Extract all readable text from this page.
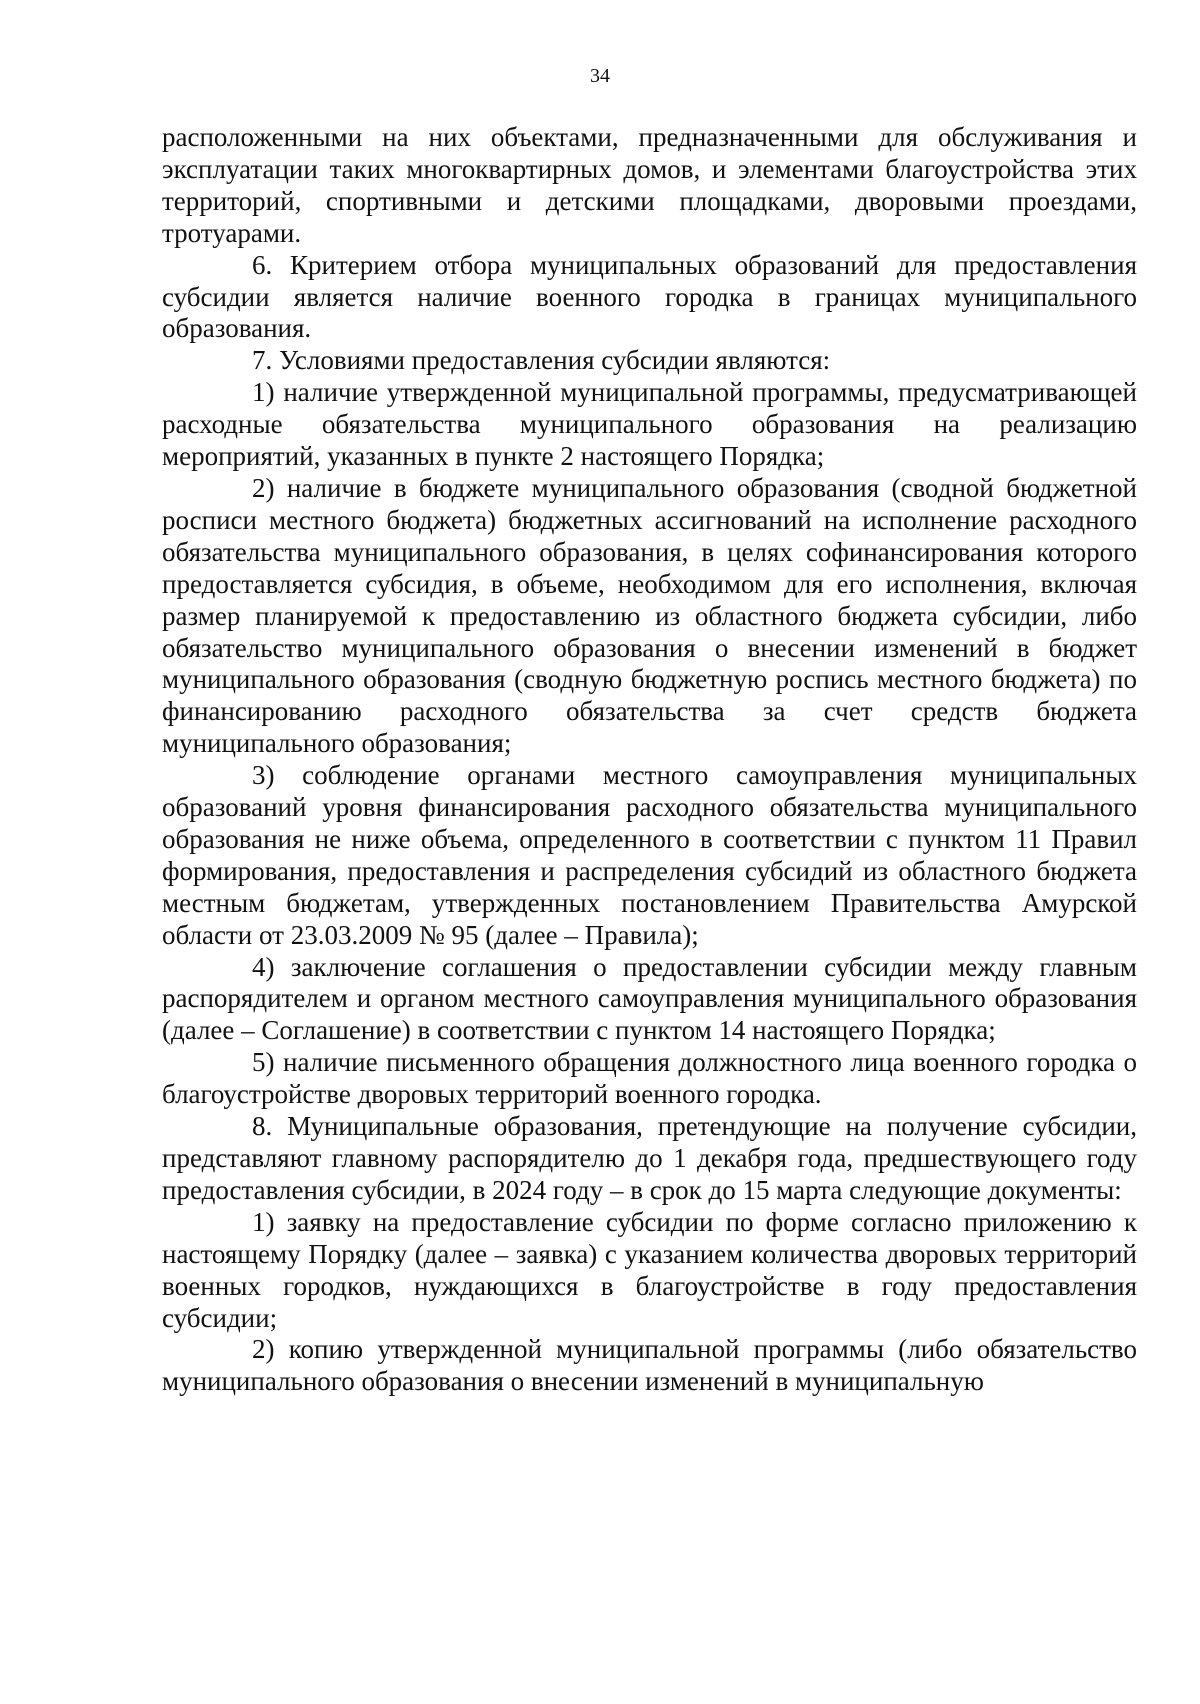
34

расположенными на них объектами, предназначенными для обслуживания и эксплуатации таких многоквартирных домов, и элементами благоустройства этих территорий, спортивными и детскими площадками, дворовыми проездами, тротуарами.

6. Критерием отбора муниципальных образований для предоставления субсидии является наличие военного городка в границах муниципального образования.

7. Условиями предоставления субсидии являются:

1) наличие утвержденной муниципальной программы, предусматривающей расходные обязательства муниципального образования на реализацию мероприятий, указанных в пункте 2 настоящего Порядка;

2) наличие в бюджете муниципального образования (сводной бюджетной росписи местного бюджета) бюджетных ассигнований на исполнение расходного обязательства муниципального образования, в целях софинансирования которого предоставляется субсидия, в объеме, необходимом для его исполнения, включая размер планируемой к предоставлению из областного бюджета субсидии, либо обязательство муниципального образования о внесении изменений в бюджет муниципального образования (сводную бюджетную роспись местного бюджета) по финансированию расходного обязательства за счет средств бюджета муниципального образования;

3) соблюдение органами местного самоуправления муниципальных образований уровня финансирования расходного обязательства муниципального образования не ниже объема, определенного в соответствии с пунктом 11 Правил формирования, предоставления и распределения субсидий из областного бюджета местным бюджетам, утвержденных постановлением Правительства Амурской области от 23.03.2009 № 95 (далее – Правила);

4) заключение соглашения о предоставлении субсидии между главным распорядителем и органом местного самоуправления муниципального образования (далее – Соглашение) в соответствии с пунктом 14 настоящего Порядка;

5) наличие письменного обращения должностного лица военного городка о благоустройстве дворовых территорий военного городка.

8. Муниципальные образования, претендующие на получение субсидии, представляют главному распорядителю до 1 декабря года, предшествующего году предоставления субсидии, в 2024 году – в срок до 15 марта следующие документы:

1) заявку на предоставление субсидии по форме согласно приложению к настоящему Порядку (далее – заявка) с указанием количества дворовых территорий военных городков, нуждающихся в благоустройстве в году предоставления субсидии;

2) копию утвержденной муниципальной программы (либо обязательство муниципального образования о внесении изменений в муниципальную
